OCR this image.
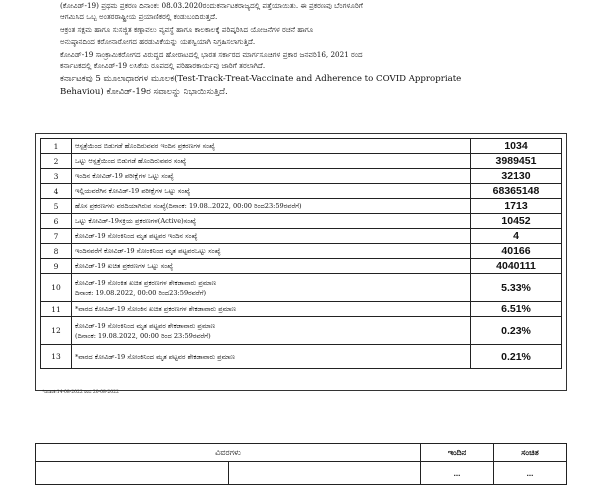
(ಕೋವಿಡ್-19) ಪ್ರಥಮ ಪ್ರಕರಣ ದಿನಾಂಕ: 08.03.2020ರಂದುಕರ್ನಾಟಕರಾಜ್ಯದಲ್ಲಿ ಪತ್ತೆಯಾಯಿತು. ಈ ಪ್ರಕರಣವು ಬೆಂಗಳೂರಿಗೆ

ಆಗಮಿಸಿದ ಒಬ್ಬ ಅಂತರರಾಷ್ಟ್ರೀಯ ಪ್ರಯಾಣಿಕರಲ್ಲಿ ಕಂಡುಬಂದಿರುತ್ತದೆ.

ಆಕ್ರಂತ ಸಕ್ಷಮ ಹಾಗೂ ಸುಸಜ್ಜಿತ ಕಣ್ಗಾವಲು ವ್ಯವಸ್ಥೆ ಹಾಗೂ ಕಾಲಕಾಲಕ್ಕೆ ಪರಿಷ್ಕರಿಸಿದ ಯೋಜನೆಗಳ ರಚನೆ ಹಾಗೂ

ಅನುಷ್ಠಾನದಿಂದ ಕರೋನಾರೋಗದ ಹರಡುವಿಕೆಯನ್ನು ಯಶಸ್ವಿಯಾಗಿ ನಿಗ್ರಹಿಸಲಾಗುತ್ತಿದೆ.

ಕೋವಿಡ್-19 ಸಾಂಕ್ರಾಮಿಕರೋಗದ ವಿರುದ್ಧದ ಹೋರಾಟದಲ್ಲಿ ಭಾರತ ಸರ್ಕಾರದ ಮಾರ್ಗಸೂಚಿಗಳ ಪ್ರಕಾರ ಜನವರಿ16, 2021 ರಂದ

ಕರ್ನಾಟಕದಲ್ಲಿ ಕೋವಿಡ್-19 ಲಸಿಕೆಯ ರೂಪದಲ್ಲಿ ಪರಿಹಾರಕಾರ್ಯವು ಜಾರಿಗೆ ತರಲಾಗಿದೆ.

ಕರ್ನಾಟಕವು 5 ಮೂಲಾಧಾರಗಳ ಮೂಲಕ(Test-Track-Treat-Vaccinate and Adherence to COVID Appropriate

Behaviou) ಕೋವಿಡ್-19ರ ಸವಾಲನ್ನು ನಿಭಾಯಿಸುತ್ತಿದೆ.

1	ಆಸ್ಪತ್ರೆಯಿಂದ ಬಿಡುಗಡೆ ಹೊಂದಿರುವವರ ಇಂದಿನ ಪ್ರಕರಣಗಳ ಸಂಖ್ಯೆ	1034
2	ಒಟ್ಟು ಆಸ್ಪತ್ರೆಯಿಂದ ಬಿಡುಗಡೆ ಹೊಂದಿರುವವರ ಸಂಖ್ಯೆ	3989451
3	ಇಂದಿನ ಕೋವಿಡ್-19 ಪರೀಕ್ಷೆಗಳ ಒಟ್ಟು ಸಂಖ್ಯೆ	32130
4	ಇಲ್ಲಿಯವರೆಗಿನ ಕೋವಿಡ್-19 ಪರೀಕ್ಷೆಗಳ ಒಟ್ಟು ಸಂಖ್ಯೆ	68365148
5	ಹೊಸ ಪ್ರಕರಣಗಳು ವರದಿಯಾಗಿರುವ ಸಂಖ್ಯೆ(ದಿನಾಂಕ: 19.08..2022, 00:00 ರಿಂದ23:59ರವರೆಗೆ)	1713
6	ಒಟ್ಟು ಕೋವಿಡ್-19ಸಕ್ರಿಯ ಪ್ರಕರಣಗಳ(Active)ಸಂಖ್ಯೆ	10452
7	ಕೋವಿಡ್-19 ಸೋಂಕಿನಿಂದ ಮೃತ ಪಟ್ಟವರ ಇಂದಿನ ಸಂಖ್ಯೆ	4
8	ಇಂದಿನವರೆಗೆ ಕೋವಿಡ್-19 ಸೋಂಕಿನಿಂದ ಮೃತ ಪಟ್ಟವರಒಟ್ಟು ಸಂಖ್ಯೆ	40166
9	ಕೋವಿಡ್-19 ಖಚಿತ ಪ್ರಕರಣಗಳ ಒಟ್ಟು ಸಂಖ್ಯೆ	4040111
10	ಕೋವಿಡ್-19 ಸೋಂಕಿತ ಖಚಿತ ಪ್ರಕರಣಗಳ ಶೇಕಡಾವಾರು ಪ್ರಮಾಣ
ದಿನಾಂಕ: 19.08.2022, 00:00 ರಿಂದ23:59ರವರೆಗೆ)	5.33%
11	*ವಾರದ ಕೋವಿಡ್-19 ಸೋಂಕಿನ ಖಚಿತ ಪ್ರಕರಣಗಳ ಶೇಕಡಾವಾರು ಪ್ರಮಾಣ	6.51%
12	ಕೋವಿಡ್-19 ಸೋಂಕಿನಿಂದ ಮೃತ ಪಟ್ಟವರ ಶೇಕಡಾವಾರು ಪ್ರಮಾಣ
(ದಿನಾಂಕ: 19.08.2022, 00:00 ರಿಂದ 23:59ರವರೆಗೆ)	0.23%
13	*ವಾರದ ಕೋವಿಡ್-19 ಸೋಂಕಿನಿಂದ ಮೃತ ಪಟ್ಟವರ ಶೇಕಡಾವಾರು ಪ್ರಮಾಣ	0.21%
*ದಿನಾಂಕ:14-08-2022 ರಿಂದ 20-08-2022
ವಿವರಗಳು		ಇಂದಿನ	ಸಂಚಿತ
		...	...
